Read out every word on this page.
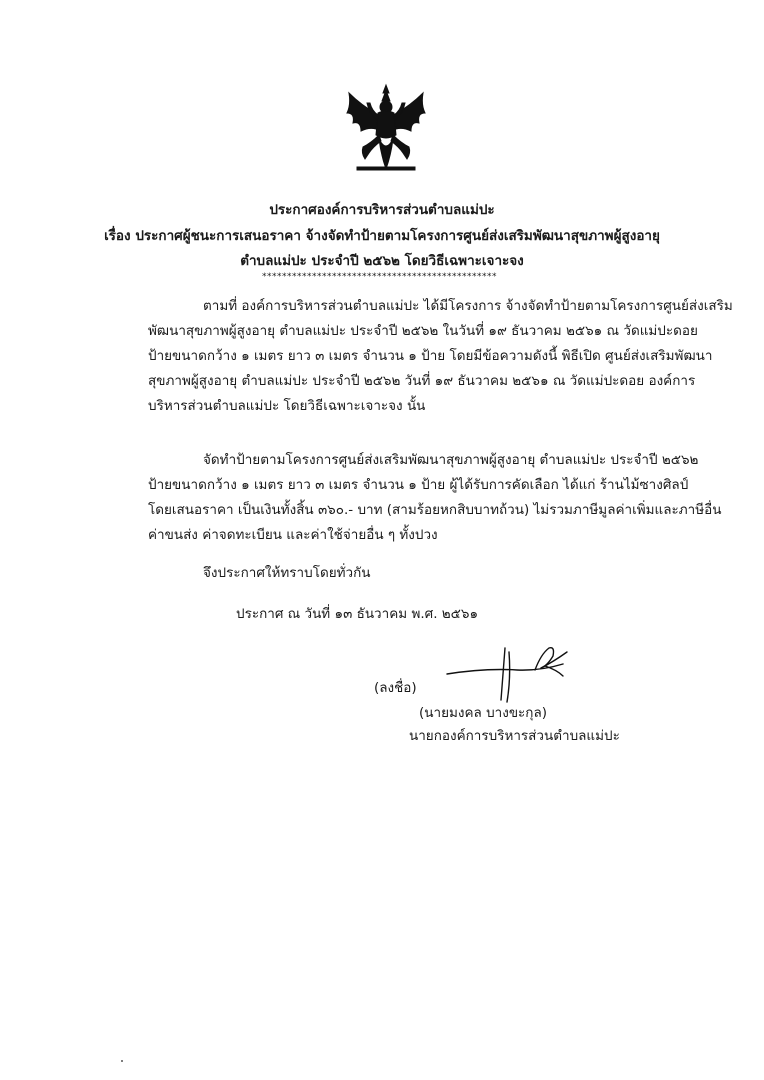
ประกาศองค์การบริหารส่วนตำบลแม่ปะ
เรื่อง ประกาศผู้ชนะการเสนอราคา จ้างจัดทำป้ายตามโครงการศูนย์ส่งเสริมพัฒนาสุขภาพผู้สูงอายุ
ตำบลแม่ปะ ประจำปี ๒๕๖๒ โดยวิธีเฉพาะเจาะจง
***********************************************
ตามที่ องค์การบริหารส่วนตำบลแม่ปะ ได้มีโครงการ จ้างจัดทำป้ายตามโครงการศูนย์ส่งเสริม
พัฒนาสุขภาพผู้สูงอายุ ตำบลแม่ปะ ประจำปี ๒๕๖๒ ในวันที่ ๑๙ ธันวาคม ๒๕๖๑ ณ วัดแม่ปะดอย
ป้ายขนาดกว้าง ๑ เมตร ยาว ๓ เมตร จำนวน ๑ ป้าย โดยมีข้อความดังนี้ พิธีเปิด ศูนย์ส่งเสริมพัฒนา
สุขภาพผู้สูงอายุ ตำบลแม่ปะ ประจำปี ๒๕๖๒ วันที่ ๑๙ ธันวาคม ๒๕๖๑ ณ วัดแม่ปะดอย องค์การ
บริหารส่วนตำบลแม่ปะ โดยวิธีเฉพาะเจาะจง นั้น
จัดทำป้ายตามโครงการศูนย์ส่งเสริมพัฒนาสุขภาพผู้สูงอายุ ตำบลแม่ปะ ประจำปี ๒๕๖๒
ป้ายขนาดกว้าง ๑ เมตร ยาว ๓ เมตร จำนวน ๑ ป้าย ผู้ได้รับการคัดเลือก ได้แก่ ร้านไม้ซางศิลป์
โดยเสนอราคา เป็นเงินทั้งสิ้น ๓๖๐.- บาท (สามร้อยหกสิบบาทถ้วน) ไม่รวมภาษีมูลค่าเพิ่มและภาษีอื่น
ค่าขนส่ง ค่าจดทะเบียน และค่าใช้จ่ายอื่น ๆ ทั้งปวง
จึงประกาศให้ทราบโดยทั่วกัน
ประกาศ ณ วันที่ ๑๓ ธันวาคม พ.ศ. ๒๕๖๑
(ลงชื่อ)
(นายมงคล บางขะกุล)
นายกองค์การบริหารส่วนตำบลแม่ปะ
